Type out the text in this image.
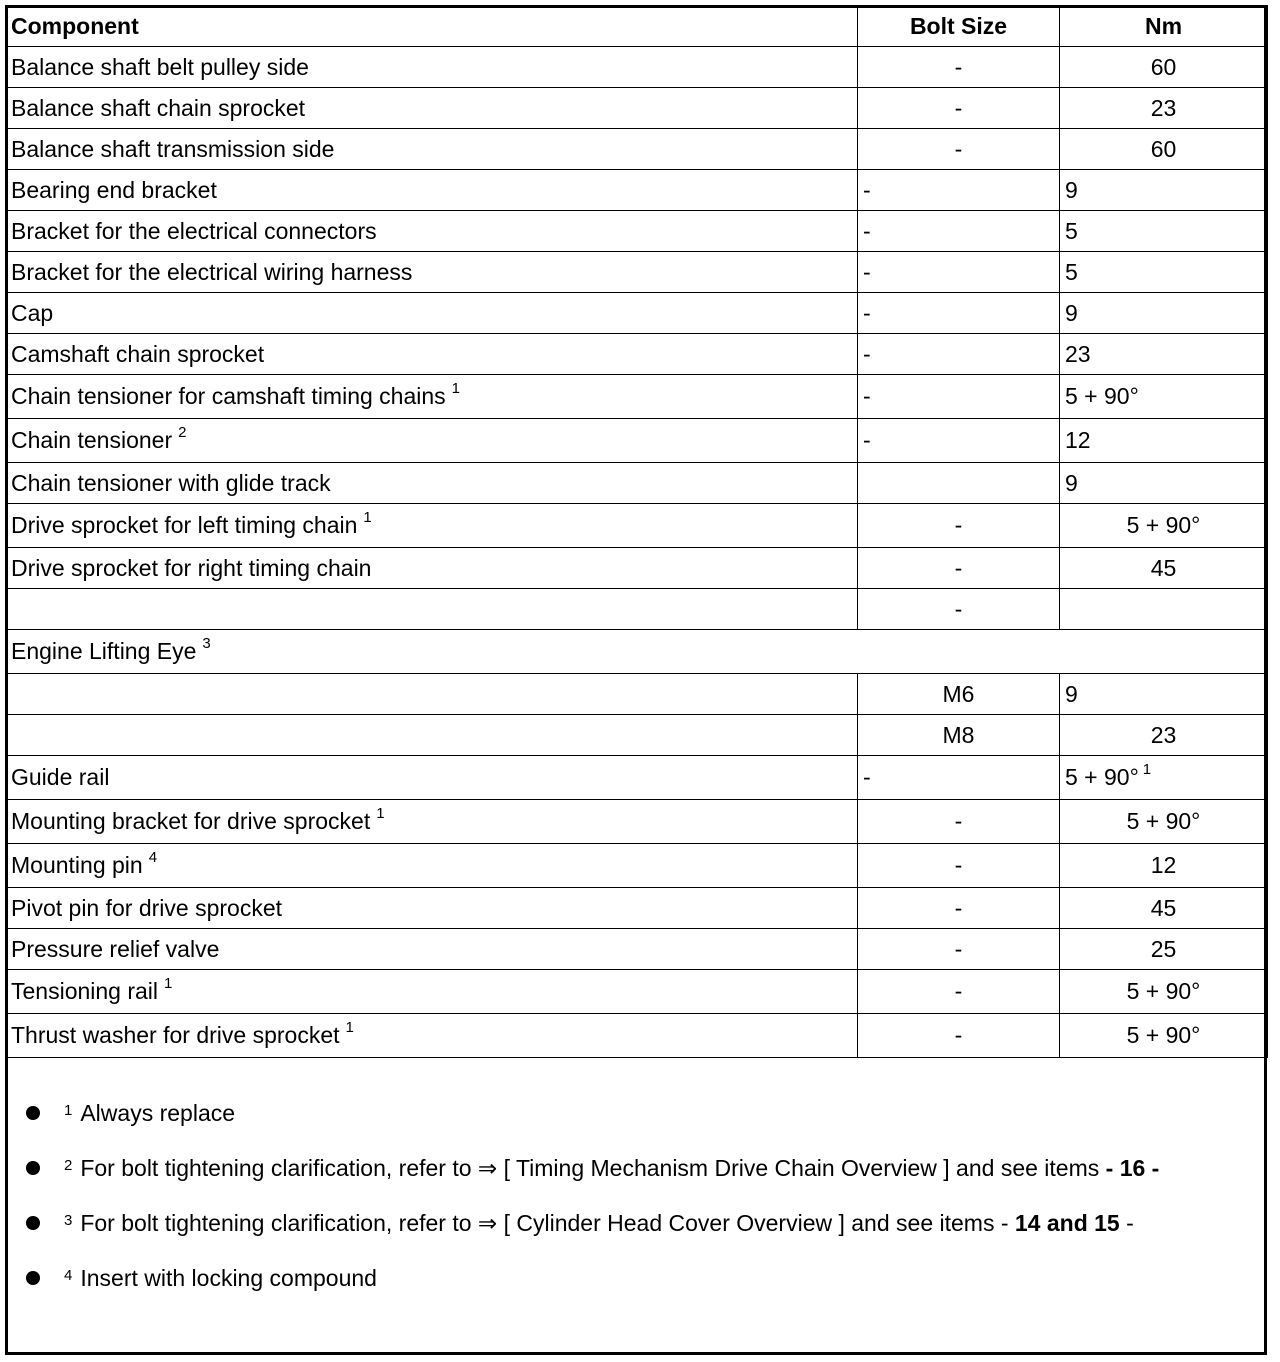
Component	Bolt Size	Nm
Balance shaft belt pulley side	-	60
Balance shaft chain sprocket	-	23
Balance shaft transmission side	-	60
Bearing end bracket	-	9
Bracket for the electrical connectors	-	5
Bracket for the electrical wiring harness	-	5
Cap	-	9
Camshaft chain sprocket	-	23
Chain tensioner for camshaft timing chains $^1$	-	5 + 90°
Chain tensioner $^2$	-	12
Chain tensioner with glide track		9
Drive sprocket for left timing chain $^1$	-	5 + 90°
Drive sprocket for right timing chain	-	45
	-	
Engine Lifting Eye $^3$
	M6	9
	M8	23
Guide rail	-	5 + 90° $^1$
Mounting bracket for drive sprocket $^1$	-	5 + 90°
Mounting pin $^4$	-	12
Pivot pin for drive sprocket	-	45
Pressure relief valve	-	25
Tensioning rail $^1$	-	5 + 90°
Thrust washer for drive sprocket $^1$	-	5 + 90°
$^1$ Always replace
$^2$ For bolt tightening clarification, refer to ⇒ [ Timing Mechanism Drive Chain Overview ] and see items - 16 -
$^3$ For bolt tightening clarification, refer to ⇒ [ Cylinder Head Cover Overview ] and see items - 14 and 15 -
$^4$ Insert with locking compound
